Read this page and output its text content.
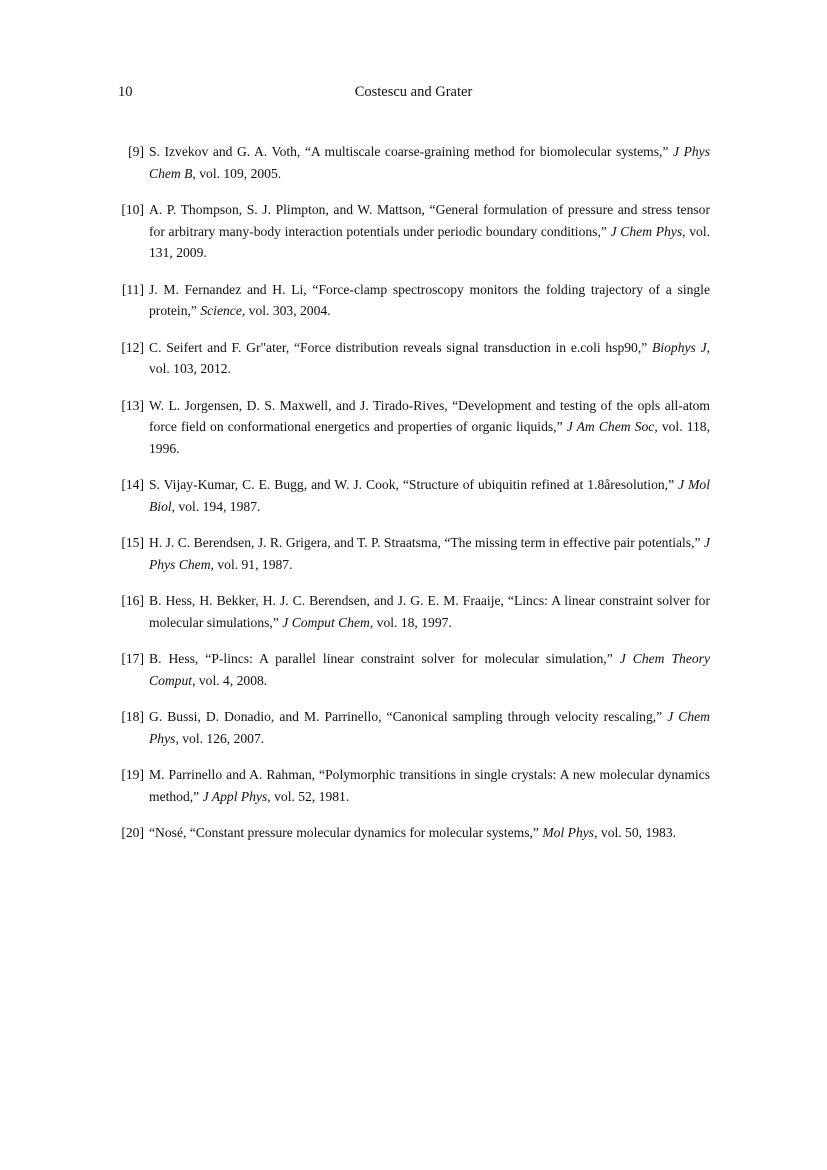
10	Costescu and Grater
[9] S. Izvekov and G. A. Voth, “A multiscale coarse-graining method for biomolecular systems,” J Phys Chem B, vol. 109, 2005.
[10] A. P. Thompson, S. J. Plimpton, and W. Mattson, “General formulation of pressure and stress tensor for arbitrary many-body interaction potentials under periodic boundary conditions,” J Chem Phys, vol. 131, 2009.
[11] J. M. Fernandez and H. Li, “Force-clamp spectroscopy monitors the folding trajectory of a single protein,” Science, vol. 303, 2004.
[12] C. Seifert and F. Gr"ater, “Force distribution reveals signal transduction in e.coli hsp90,” Biophys J, vol. 103, 2012.
[13] W. L. Jorgensen, D. S. Maxwell, and J. Tirado-Rives, “Development and testing of the opls all-atom force field on conformational energetics and properties of organic liquids,” J Am Chem Soc, vol. 118, 1996.
[14] S. Vijay-Kumar, C. E. Bugg, and W. J. Cook, “Structure of ubiquitin refined at 1.8åresolution,” J Mol Biol, vol. 194, 1987.
[15] H. J. C. Berendsen, J. R. Grigera, and T. P. Straatsma, “The missing term in effective pair potentials,” J Phys Chem, vol. 91, 1987.
[16] B. Hess, H. Bekker, H. J. C. Berendsen, and J. G. E. M. Fraaije, “Lincs: A linear constraint solver for molecular simulations,” J Comput Chem, vol. 18, 1997.
[17] B. Hess, “P-lincs: A parallel linear constraint solver for molecular simulation,” J Chem Theory Comput, vol. 4, 2008.
[18] G. Bussi, D. Donadio, and M. Parrinello, “Canonical sampling through velocity rescaling,” J Chem Phys, vol. 126, 2007.
[19] M. Parrinello and A. Rahman, “Polymorphic transitions in single crystals: A new molecular dynamics method,” J Appl Phys, vol. 52, 1981.
[20] “Nosé, “Constant pressure molecular dynamics for molecular systems,” Mol Phys, vol. 50, 1983.
